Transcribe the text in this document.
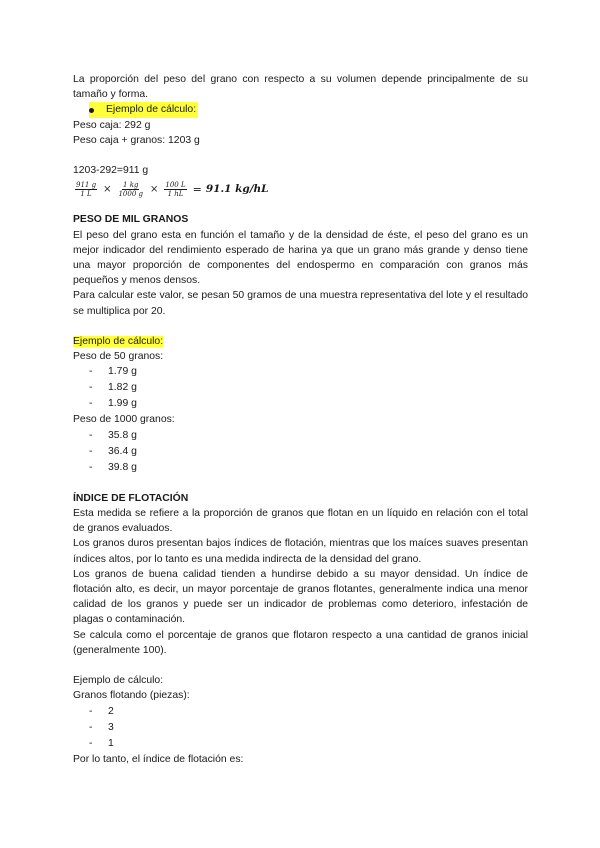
La proporción del peso del grano con respecto a su volumen depende principalmente de su tamaño y forma.

Ejemplo de cálculo:

Peso caja: 292 g

Peso caja + granos: 1203 g

1203-292=911 g

$\frac{911 g}{1 L} \times \frac{1 kg}{1000 g} \times \frac{100 L}{1 hL} = 91.1$ kg/hL

PESO DE MIL GRANOS

El peso del grano esta en función el tamaño y de la densidad de éste, el peso del grano es un mejor indicador del rendimiento esperado de harina ya que un grano más grande y denso tiene una mayor proporción de componentes del endospermo en comparación con granos más pequeños y menos densos.

Para calcular este valor, se pesan 50 gramos de una muestra representativa del lote y el resultado se multiplica por 20.

Ejemplo de cálculo:

Peso de 50 granos:

-	1.79 g
-	1.82 g
-	1.99 g

Peso de 1000 granos:

-	35.8 g
-	36.4 g
-	39.8 g

ÍNDICE DE FLOTACIÓN

Esta medida se refiere a la proporción de granos que flotan en un líquido en relación con el total de granos evaluados.

Los granos duros presentan bajos índices de flotación, mientras que los maíces suaves presentan índices altos, por lo tanto es una medida indirecta de la densidad del grano.

Los granos de buena calidad tienden a hundirse debido a su mayor densidad. Un índice de flotación alto, es decir, un mayor porcentaje de granos flotantes, generalmente indica una menor calidad de los granos y puede ser un indicador de problemas como deterioro, infestación de plagas o contaminación.

Se calcula como el porcentaje de granos que flotaron respecto a una cantidad de granos inicial (generalmente 100).

Ejemplo de cálculo:

Granos flotando (piezas):

-	2
-	3
-	1

Por lo tanto, el índice de flotación es:
